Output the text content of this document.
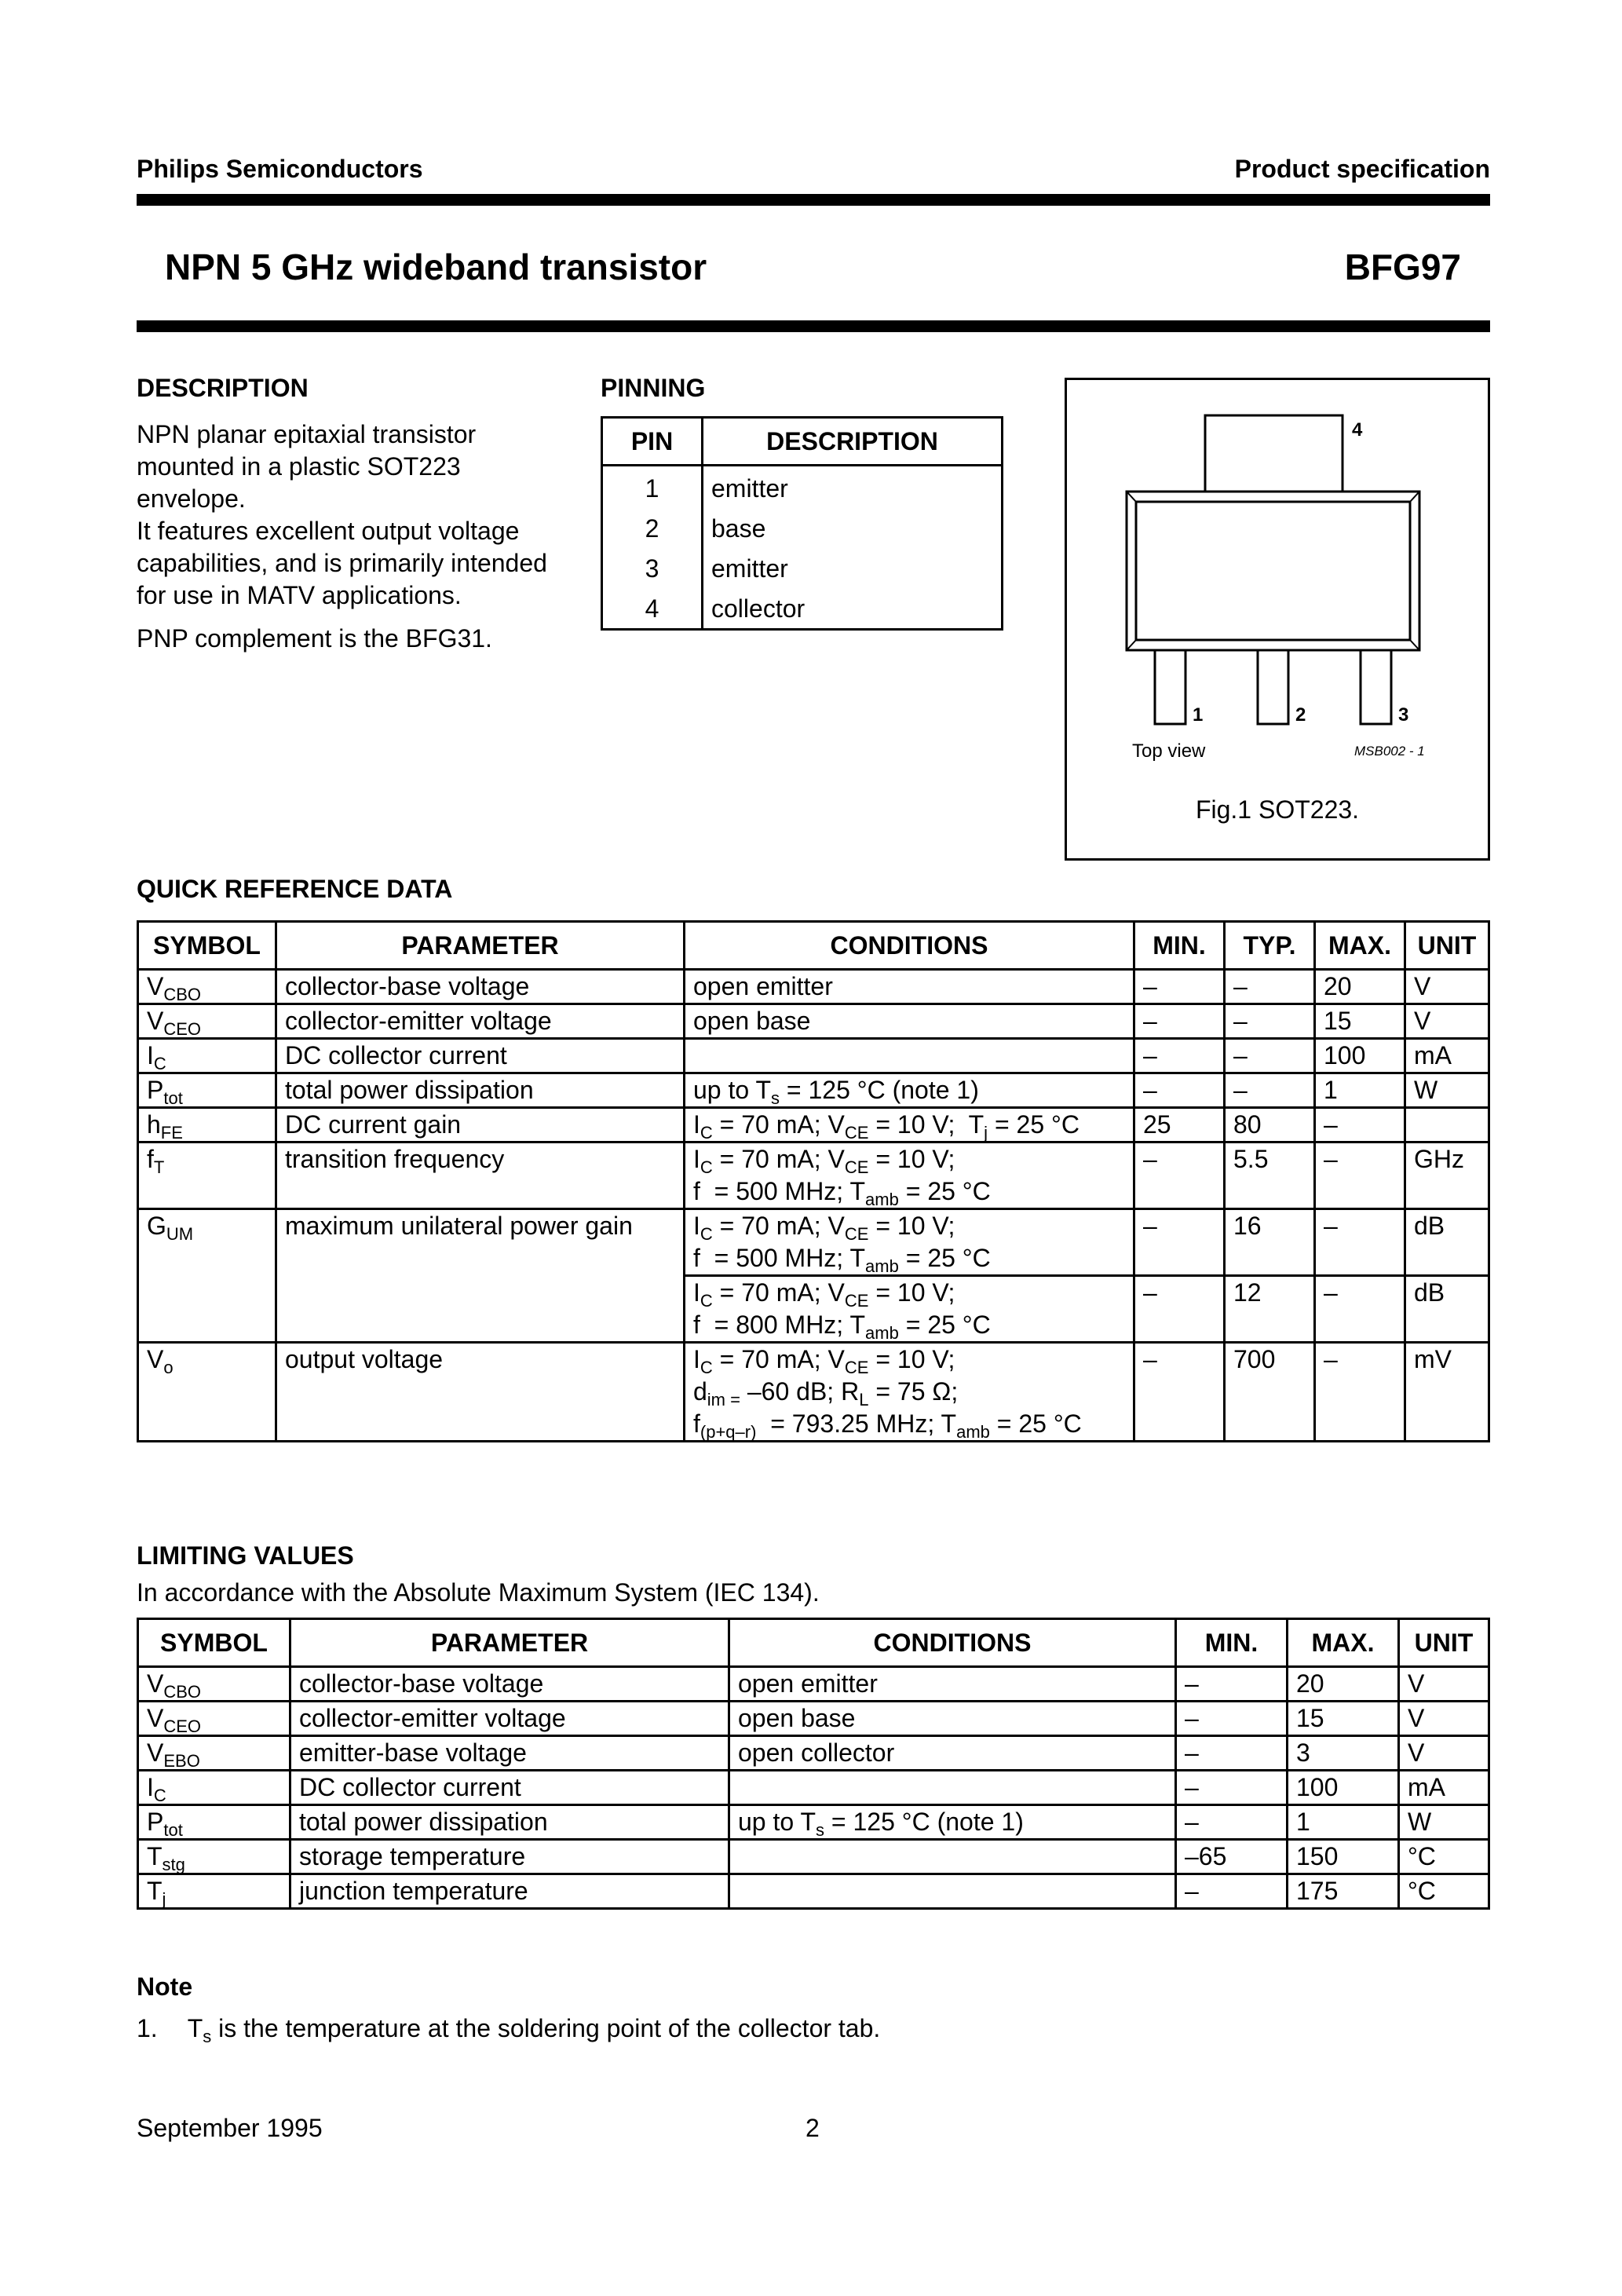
Philips Semiconductors	Product specification
NPN 5 GHz wideband transistor	BFG97
DESCRIPTION

NPN planar epitaxial transistor

mounted in a plastic SOT223

envelope.

It features excellent output voltage

capabilities, and is primarily intended

for use in MATV applications.

PNP complement is the BFG31.

PINNING
PIN	DESCRIPTION
1	emitter
2	base
3	emitter
4	collector
4
1	2	3
Top view	MSB002 - 1
Fig.1 SOT223.
QUICK REFERENCE DATA
SYMBOL	PARAMETER	CONDITIONS	MIN.	TYP.	MAX.	UNIT
$V_{CBO}$	collector-base voltage	open emitter	–	–	20	V
$V_{CEO}$	collector-emitter voltage	open base	–	–	15	V
$I_C$	DC collector current		–	–	100	mA
$P_{tot}$	total power dissipation	up to $T_s = 125$ °C (note 1)	–	–	1	W
$h_{FE}$	DC current gain	$I_C = 70$ mA; $V_{CE} = 10$ V;  $T_j = 25$ °C	25	80	–	
$f_T$	transition frequency	$I_C = 70$ mA; $V_{CE} = 10$ V;
f  = 500 MHz; $T_{amb} = 25$ °C	–	5.5	–	GHz
$G_{UM}$	maximum unilateral power gain	$I_C = 70$ mA; $V_{CE} = 10$ V;
f  = 500 MHz; $T_{amb} = 25$ °C	–	16	–	dB
		$I_C = 70$ mA; $V_{CE} = 10$ V;
f  = 800 MHz; $T_{amb} = 25$ °C	–	12	–	dB
$V_o$	output voltage	$I_C = 70$ mA; $V_{CE} = 10$ V;
$d_{im =}$ –60 dB; $R_L = 75$ Ω;
$f_{(p+q-r)} = 793.25$ MHz; $T_{amb} = 25$ °C	–	700	–	mV
LIMITING VALUES
In accordance with the Absolute Maximum System (IEC 134).
SYMBOL	PARAMETER	CONDITIONS	MIN.	MAX.	UNIT
$V_{CBO}$	collector-base voltage	open emitter	–	20	V
$V_{CEO}$	collector-emitter voltage	open base	–	15	V
$V_{EBO}$	emitter-base voltage	open collector	–	3	V
$I_C$	DC collector current		–	100	mA
$P_{tot}$	total power dissipation	up to $T_s = 125$ °C (note 1)	–	1	W
$T_{stg}$	storage temperature		–65	150	°C
$T_j$	junction temperature		–	175	°C
Note
1. $T_s$ is the temperature at the soldering point of the collector tab.
September 1995	2
